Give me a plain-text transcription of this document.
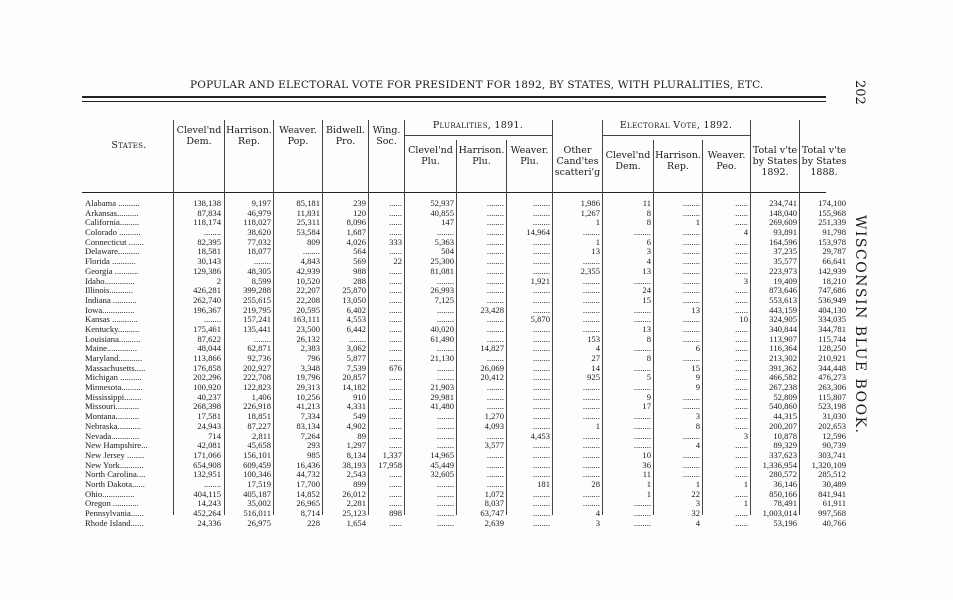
POPULAR AND ELECTORAL VOTE FOR PRESIDENT FOR 1892, BY STATES, WITH PLURALITIES, ETC.	202
WISCONSIN BLUE BOOK.
States.
Clevel'nd
Dem.
Harrison.
Rep.
Weaver.
Pop.
Bidwell.
Pro.
Wing.
Soc.
Pluralities, 1891.
Clevel'nd
Plu.
Harrison.
Plu.
Weaver.
Plu.
Other
Cand'tes
scatteri'g
Electoral Vote, 1892.
Clevel'nd
Dem.
Harrison.
Rep.
Weaver.
Peo.
Total v'te
by States
1892.
Total v'te
by States
1888.
Alabama ..........
Arkansas..........
California.........
Colorado ..........
Connecticut .......
Delaware..........
Florida ...........
Georgia ...........
Idaho..............
Illinois...........
Indiana ...........
Iowa...............
Kansas ............
Kentucky..........
Louisiana..........
Maine..............
Maryland...........
Massachusetts.....
Michigan ..........
Minnesota..........
Mississippi........
Missouri...........
Montana...........
Nebraska...........
Nevada.............
New Hampshire...
New Jersey ........
New York...........
North Carolina....
North Dakota......
Ohio...............
Oregon ............
Pennsylvania......
Rhode Island......
138,138
87,834
118,174
........
82,395
18,581
30,143
129,386
2
426,281
262,740
196,367
........
175,461
87,622
48,044
113,866
176,858
202,296
100,920
40,237
268,398
17,581
24,943
714
42,081
171,066
654,908
132,951
........
404,115
14,243
452,264
24,336
9,197
46,979
118,027
38,620
77,032
18,077
........
48,305
8,599
399,288
255,615
219,795
157,241
135,441
........
62,871
92,736
202,927
222,708
122,823
1,406
226,918
18,851
87,227
2,811
45,658
156,101
609,459
100,346
17,519
405,187
35,002
516,011
26,975
85,181
11,831
25,311
53,584
809
........
4,843
42,939
10,520
22,207
22,208
20,595
163,111
23,500
26,132
2,383
796
3,348
19,796
29,313
10,256
41,213
7,334
83,134
7,264
293
985
16,436
44,732
17,700
14,852
26,965
8,714
228
239
120
8,096
1,687
4,026
564
569
988
288
25,870
13,050
6,402
4,553
6,442
........
3,062
5,877
7,539
20,857
14,182
910
4,331
549
4,902
89
1,297
8,134
38,193
2,543
899
26,012
2,281
25,123
1,654
......
......
......
......
333
......
22
......
......
......
......
......
......
......
......
......
......
676
......
......
......
......
......
......
......
......
1,337
17,958
......
......
......
......
898
......
52,937
40,855
147
........
5,363
504
25,300
81,081
........
26,993
7,125
........
........
40,020
61,490
........
21,130
........
........
21,903
29,981
41,480
........
........
........
........
14,965
45,449
32,605
........
........
........
........
........
........
........
........
........
........
........
........
........
........
........
........
23,428
........
........
........
14,827
........
26,069
20,412
........
........
........
1,270
4,093
........
3,577
........
........
........
........
1,072
8,037
63,747
2,639
........
........
........
14,964
........
........
........
........
1,921
........
........
........
5,870
........
........
........
........
........
........
........
........
........
........
........
4,453
........
........
........
........
181
........
........
........
........
1,986
1,267
1
........
1
13
........
2,355
........
........
........
........
........
........
153
4
27
14
925
........
........
........
........
1
........
........
........
........
........
28
........
........
4
3
11
8
8
........
6
3
4
13
........
24
15
........
........
13
8
........
8
........
5
........
9
17
........
........
........
........
10
36
11
1
1
........
........
........
........
........
1
........
........
........
........
........
........
........
........
13
........
........
........
6
........
15
9
9
........
........
3
8
........
4
........
........
........
1
22
3
32
4
......
......
......
4
......
......
......
......
3
......
......
......
10
......
......
......
......
......
......
......
......
......
......
......
3
......
......
......
......
1
......
1
......
......
234,741
148,040
269,609
93,891
164,596
37,235
35,577
223,973
19,409
873,646
553,613
443,159
324,905
340,844
113,907
116,364
213,302
391,362
466,582
267,238
52,809
540,860
44,315
200,207
10,878
89,329
337,623
1,336,954
280,572
36,146
850,166
78,491
1,003,014
53,196
174,100
155,968
251,339
91,798
153,978
29,787
66,641
142,939
18,210
747,686
536,949
404,130
334,035
344,781
115,744
128,250
210,921
344,448
476,273
263,306
115,807
523,198
31,030
202,653
12,596
90,739
303,741
1,320,109
285,512
30,489
841,941
61,911
997,568
40,766
